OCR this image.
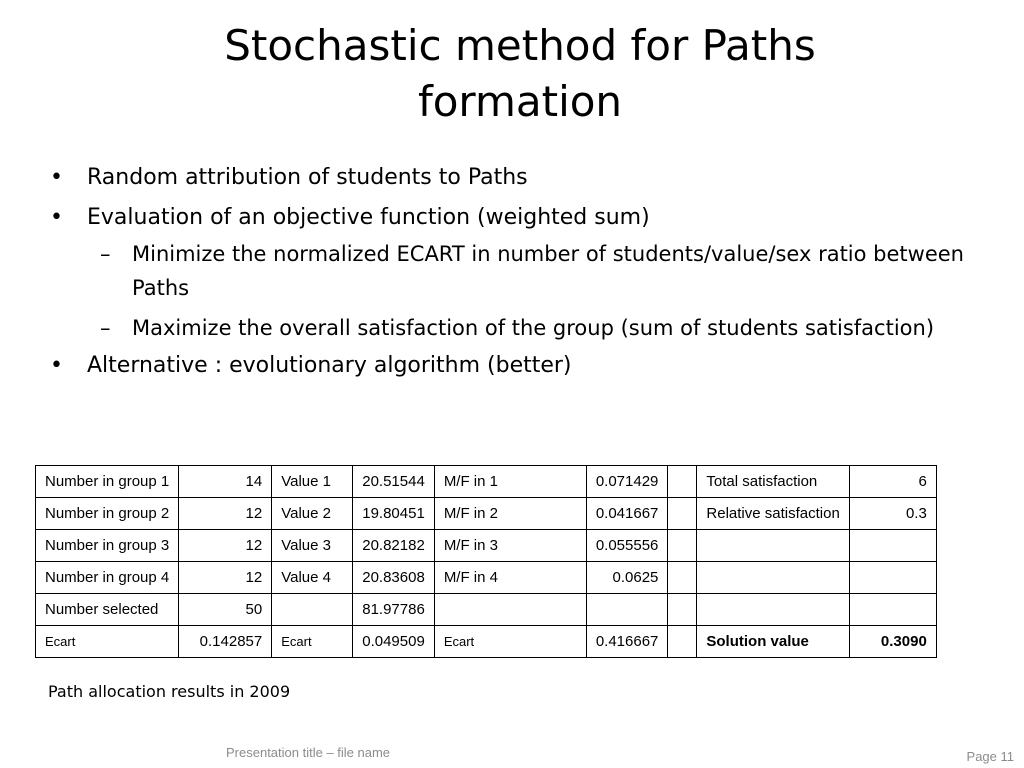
Stochastic method for Paths formation
• Random attribution of students to Paths
• Evaluation of an objective function (weighted sum)
– Minimize the normalized ECART in number of students/value/sex ratio between Paths
– Maximize the overall satisfaction of the group (sum of students satisfaction)
• Alternative : evolutionary algorithm (better)
Number in group 1	14	Value 1	20.51544	M/F in 1	0.071429		Total satisfaction	6
Number in group 2	12	Value 2	19.80451	M/F in 2	0.041667		Relative satisfaction	0.3
Number in group 3	12	Value 3	20.82182	M/F in 3	0.055556			
Number in group 4	12	Value 4	20.83608	M/F in 4	0.0625			
Number selected	50		81.97786					
Ecart	0.142857	Ecart	0.049509	Ecart	0.416667		Solution value	0.3090
Path allocation results in 2009
Presentation title – file name	Page 11
